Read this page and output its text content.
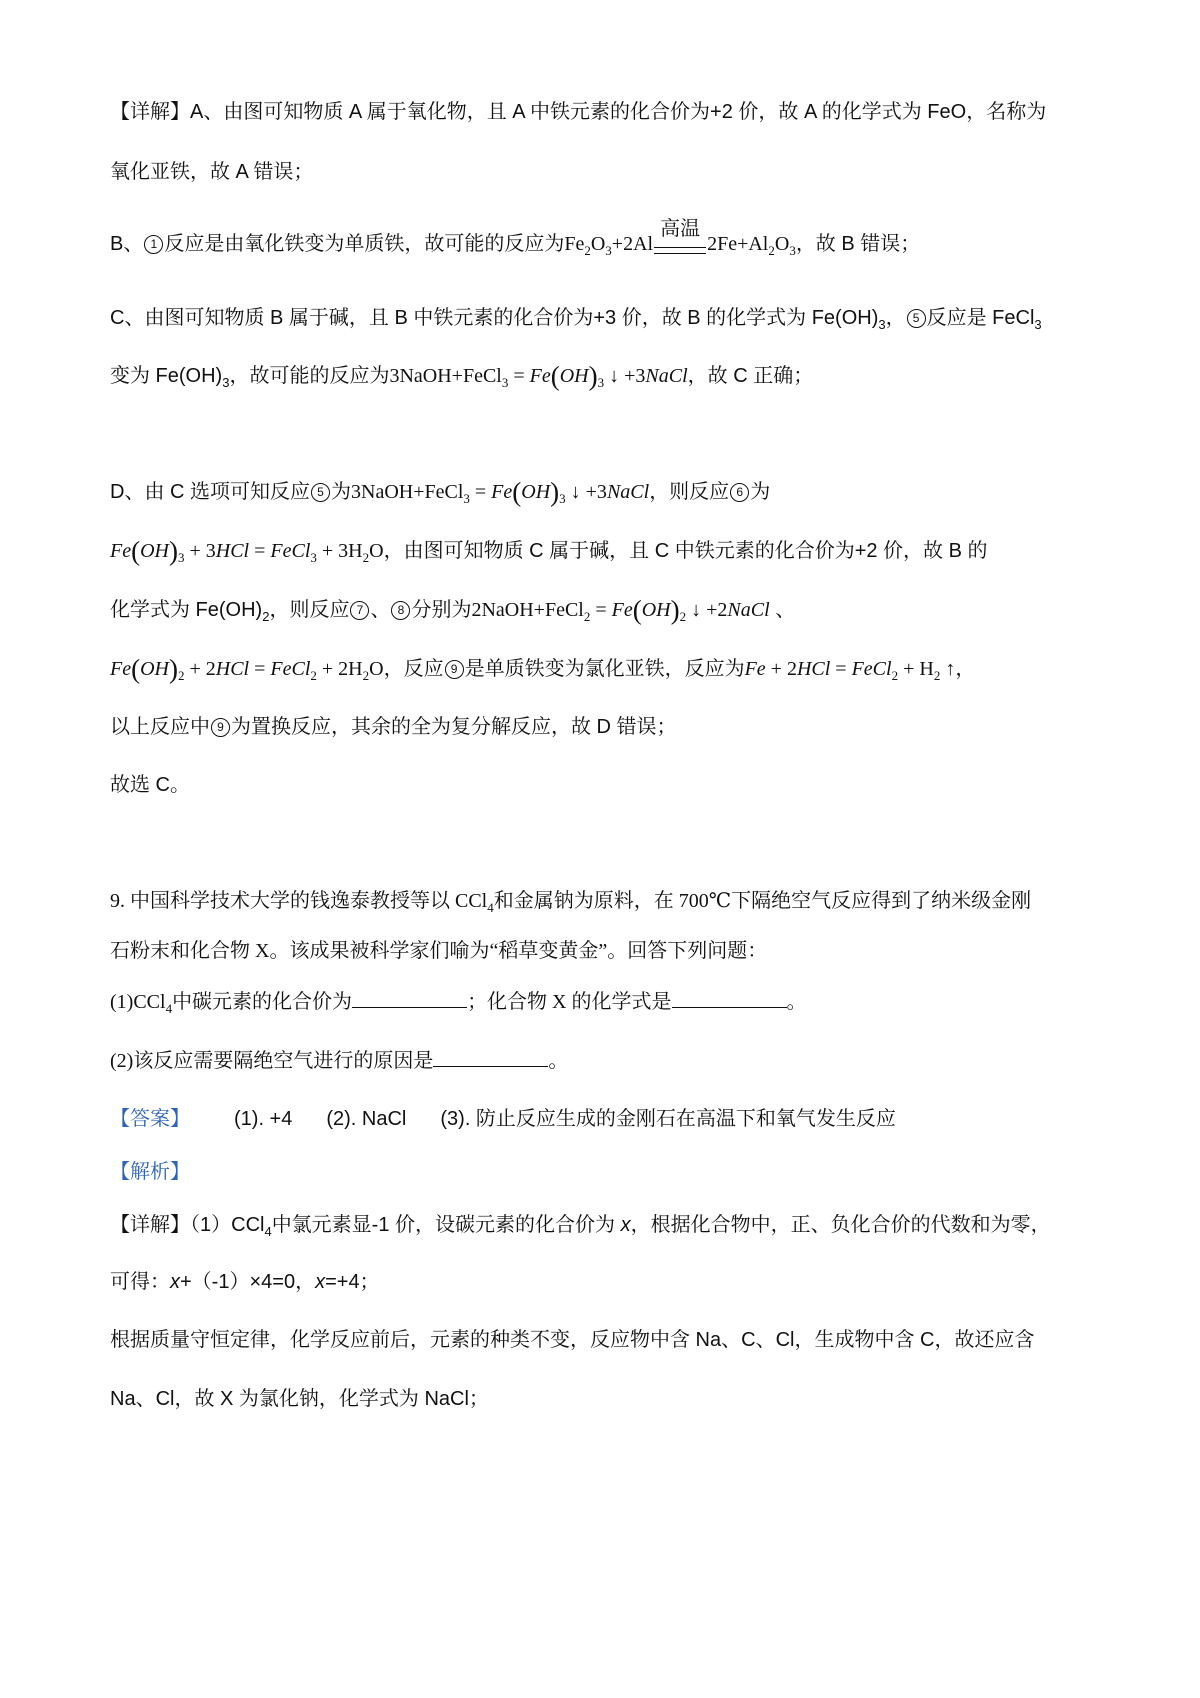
【详解】A、由图可知物质 A 属于氧化物，且 A 中铁元素的化合价为+2 价，故 A 的化学式为 FeO，名称为
氧化亚铁，故 A 错误；
B、 1 反应是由氧化铁变为单质铁，故可能的反应为$Fe_2O_3+2Al$
高温
$2Fe+Al_2O_3$，故 B 错误；
C、由图可知物质 B 属于碱，且 B 中铁元素的化合价为+3 价，故 B 的化学式为 $Fe(OH)_3$， 5 反应是 FeCl$_3$
变为 $Fe(OH)_3$，故可能的反应为3NaOH+FeCl$_3$ = $Fe(OH)_3$ ↓ +3NaCl，故 C 正确；
D、由 C 选项可知反应 5 为3NaOH+FeCl$_3$ = $Fe(OH)_3$ ↓ +3NaCl，则反应 6 为
$Fe(OH)_3 + 3HCl$ = FeCl$_3$ + $3H_2O$，由图可知物质 C 属于碱，且 C 中铁元素的化合价为+2 价，故 B 的
化学式为 $Fe(OH)_2$，则反应 7 、 8 分别为2NaOH+FeCl$_2$ = $Fe(OH)_2$ ↓ +2NaCl 、
$Fe(OH)_2 + 2HCl$ = FeCl$_2$ + $2H_2O$，反应 9 是单质铁变为氯化亚铁，反应为Fe + 2HCl = FeCl$_2$ + $H_2$ ↑，
以上反应中 9 为置换反应，其余的全为复分解反应，故 D 错误；
故选 C。
9. 中国科学技术大学的钱逸泰教授等以 CCl$_4$和金属钠为原料，在 700℃下隔绝空气反应得到了纳米级金刚
石粉末和化合物 X。该成果被科学家们喻为“稻草变黄金”。回答下列问题：
(1)CCl$_4$中碳元素的化合价为	；化合物 X 的化学式是	。
(2)该反应需要隔绝空气进行的原因是	。
【答案】 (1). +4 (2). NaCl (3). 防止反应生成的金刚石在高温下和氧气发生反应
【解析】
【详解】（1）CCl$_4$中氯元素显-1 价，设碳元素的化合价为 x，根据化合物中，正、负化合价的代数和为零，
可得：x+（-1）×4=0，x=+4；
根据质量守恒定律，化学反应前后，元素的种类不变，反应物中含 Na、C、Cl，生成物中含 C，故还应含
Na、Cl，故 X 为氯化钠，化学式为 NaCl；
